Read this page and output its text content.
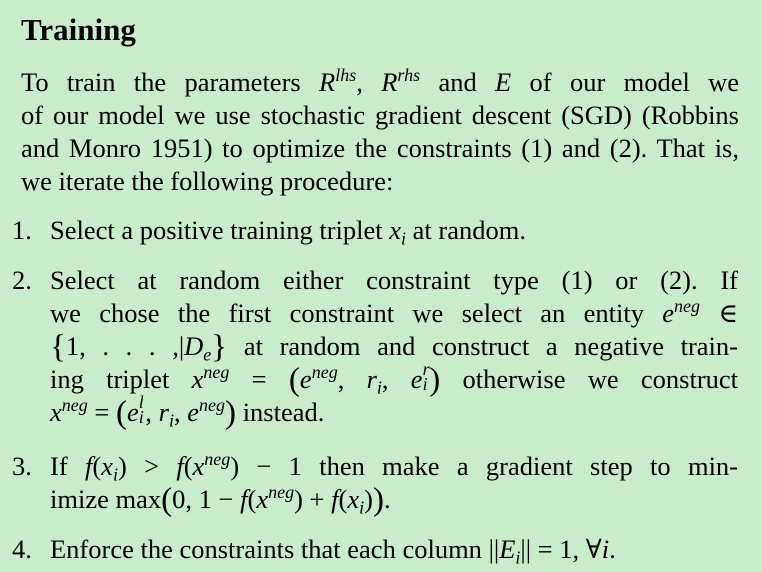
Training
To train the parameters $R^{lhs}$, $R^{rhs}$ and E of our model we
of our model we use stochastic gradient descent (SGD) (Robbins and Monro 1951) to optimize the constraints (1) and (2). That is, we iterate the following procedure:
1. Select a positive training triplet $x_i$ at random.
2. Select at random either constraint type (1) or (2). If
we chose the first constraint we select an entity $e^{neg}$ ∈
{1, . . . $,|D_e$} at random and construct a negative train-
ing triplet $x^{neg} = (e^{neg}$, $r_i$, e r
i ) otherwise we construct
$x^{neg} = (e$ l
i , $r_i$, $e^{neg}$) instead.
3. If $f(x_i) > f(x^{neg}) - 1$ then make a gradient step to min-
imize max(0, $1 - f(x^{neg}) + f(x_i)$).
4. Enforce the constraints that each column $||E_i|| = 1$, ∀i.
